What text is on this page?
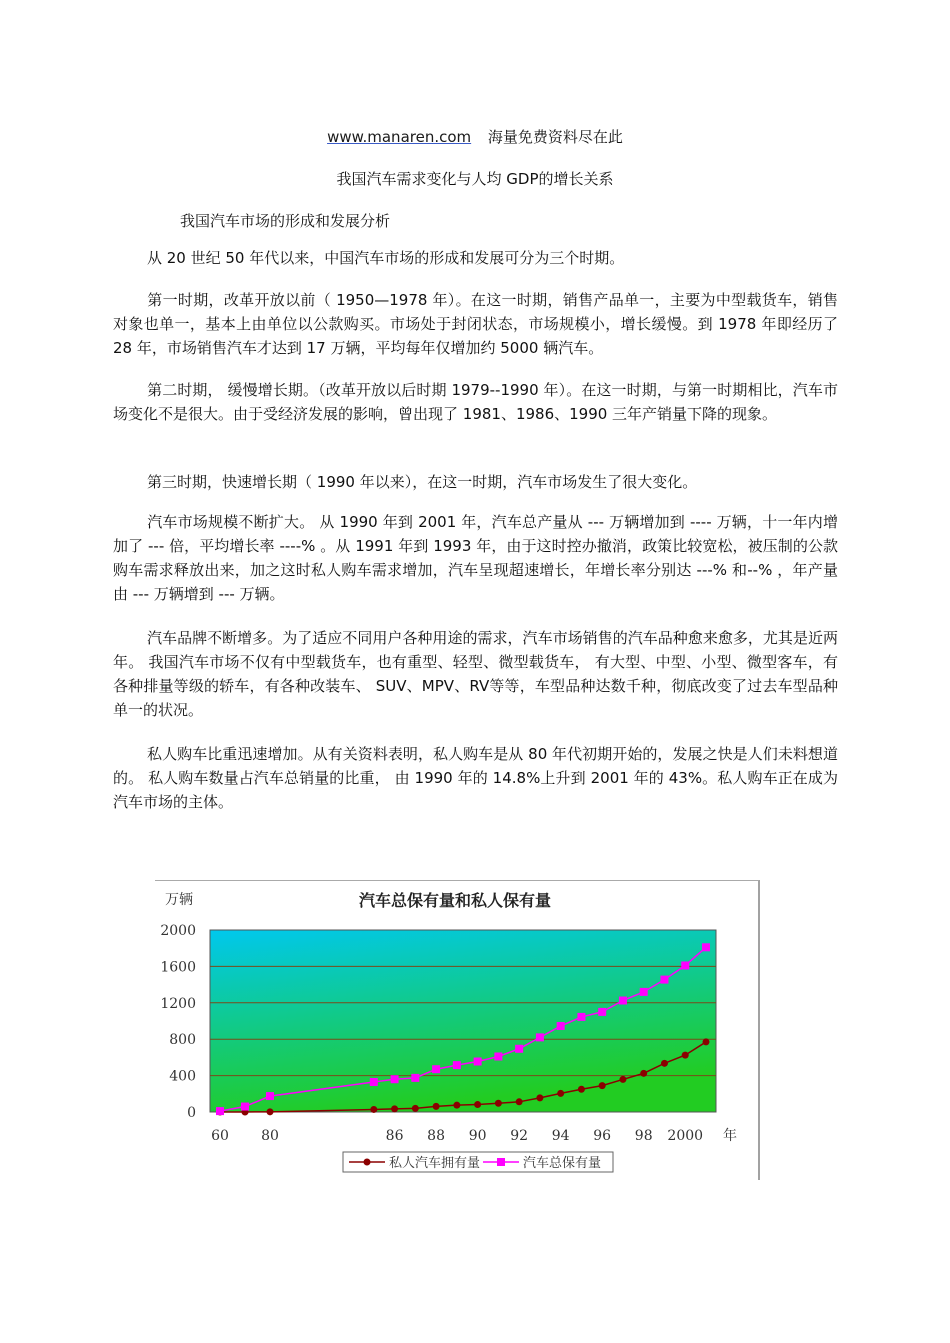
www.manaren.com 海量免费资料尽在此
我国汽车需求变化与人均 GDP的增长关系
我国汽车市场的形成和发展分析

从 20 世纪 50 年代以来，中国汽车市场的形成和发展可分为三个时期。

第一时期，改革开放以前（ 1950—1978 年）。在这一时期，销售产品单一，主要为中型载货车，销售对象也单一，基本上由单位以公款购买。市场处于封闭状态，市场规模小，增长缓慢。到 1978 年即经历了 28 年，市场销售汽车才达到 17 万辆，平均每年仅增加约 5000 辆汽车。

第二时期， 缓慢增长期。（改革开放以后时期 1979--1990 年）。在这一时期，与第一时期相比，汽车市场变化不是很大。由于受经济发展的影响，曾出现了 1981、1986、1990 三年产销量下降的现象。

第三时期，快速增长期（ 1990 年以来），在这一时期，汽车市场发生了很大变化。

汽车市场规模不断扩大。 从 1990 年到 2001 年，汽车总产量从 --- 万辆增加到 ---- 万辆，十一年内增加了 --- 倍，平均增长率 ----% 。从 1991 年到 1993 年，由于这时控办撤消，政策比较宽松，被压制的公款购车需求释放出来，加之这时私人购车需求增加，汽车呈现超速增长，年增长率分别达 ---% 和--% ，年产量由 --- 万辆增到 --- 万辆。

汽车品牌不断增多。为了适应不同用户各种用途的需求，汽车市场销售的汽车品种愈来愈多，尤其是近两年。 我国汽车市场不仅有中型载货车，也有重型、轻型、微型载货车， 有大型、中型、小型、微型客车，有各种排量等级的轿车，有各种改装车、 SUV、MPV、RV等等，车型品种达数千种，彻底改变了过去车型品种单一的状况。

私人购车比重迅速增加。从有关资料表明，私人购车是从 80 年代初期开始的，发展之快是人们未料想道的。 私人购车数量占汽车总销量的比重， 由 1990 年的 14.8%上升到 2001 年的 43%。私人购车正在成为汽车市场的主体。

万辆	汽车总保有量和私人保有量
年
0
400
800
1200
1600
2000
60 80	86 88 90 92 94 96 98 2000
私人汽车拥有量	汽车总保有量
